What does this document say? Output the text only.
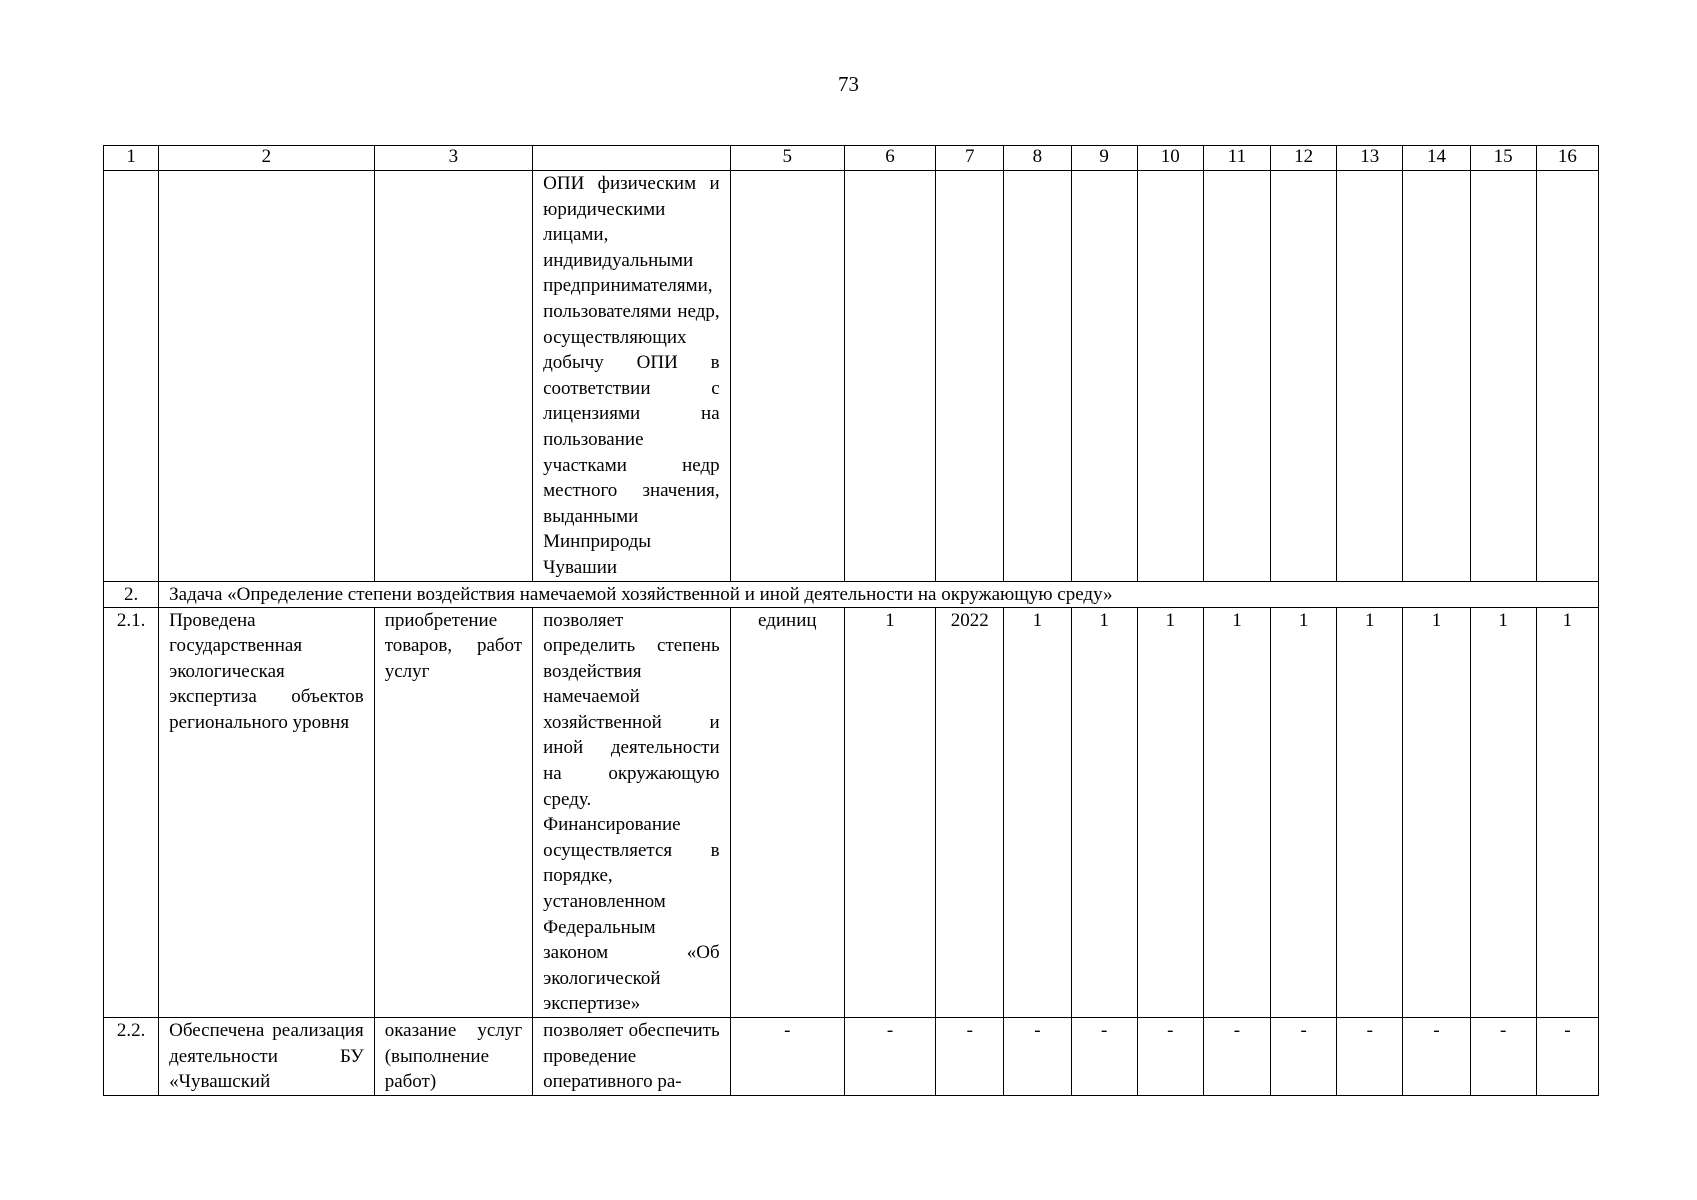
73
1	2	3		5	6	7	8	9	10	11	12	13	14	15	16
			ОПИ физическим и юридическими лицами, индивидуальными предпринимателями, пользователями недр, осуществляющих добычу ОПИ в соответствии с лицензиями на пользование участками недр местного значения, выданными Минприроды Чувашии												
2.	Задача «Определение степени воздействия намечаемой хозяйственной и иной деятельности на окружающую среду»														
2.1.	Проведена государственная экологическая экспертиза объектов регионального уровня	приобретение товаров, работ услуг	позволяет определить степень воздействия намечаемой хозяйственной и иной деятельности на окружающую среду. Финансирование осуществляется в порядке, установленном Федеральным законом «Об экологической экспертизе»	единиц	1	2022	1	1	1	1	1	1	1	1	1
2.2.	Обеспечена реализация деятельности БУ «Чувашский	оказание услуг (выполнение работ)	позволяет обеспечить проведение оперативного ра-	-	-	-	-	-	-	-	-	-	-	-	-
